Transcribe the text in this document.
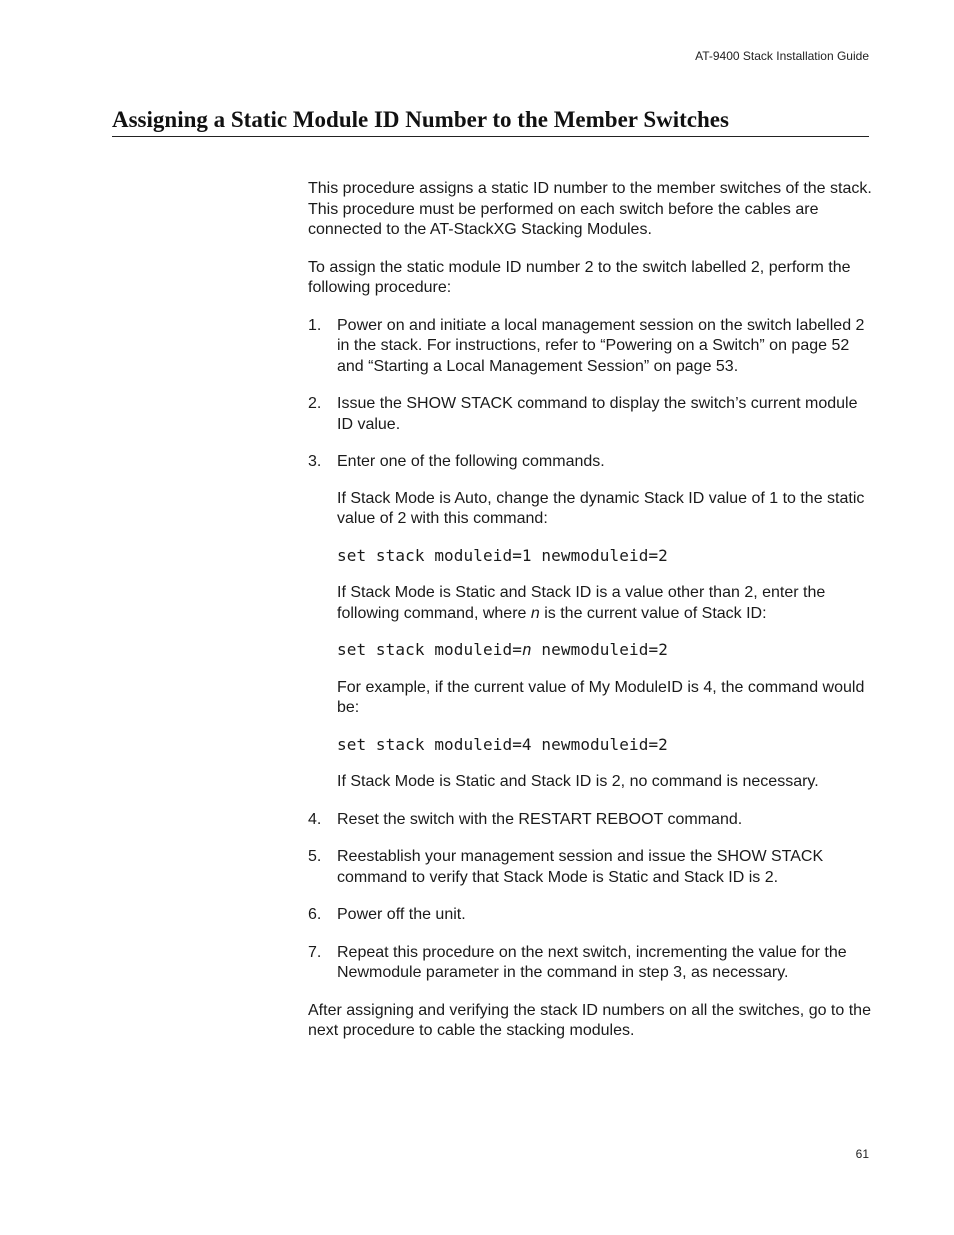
AT-9400 Stack Installation Guide
Assigning a Static Module ID Number to the Member Switches

This procedure assigns a static ID number to the member switches of the stack. This procedure must be performed on each switch before the cables are connected to the AT-StackXG Stacking Modules.

To assign the static module ID number 2 to the switch labelled 2, perform the following procedure:

1. Power on and initiate a local management session on the switch labelled 2 in the stack. For instructions, refer to “Powering on a Switch” on page 52 and “Starting a Local Management Session” on page 53.

2. Issue the SHOW STACK command to display the switch’s current module ID value.

3. Enter one of the following commands.

If Stack Mode is Auto, change the dynamic Stack ID value of 1 to the static value of 2 with this command:

set stack moduleid=1 newmoduleid=2

If Stack Mode is Static and Stack ID is a value other than 2, enter the following command, where n is the current value of Stack ID:

set stack moduleid=n newmoduleid=2

For example, if the current value of My ModuleID is 4, the command would be:

set stack moduleid=4 newmoduleid=2

If Stack Mode is Static and Stack ID is 2, no command is necessary.

4. Reset the switch with the RESTART REBOOT command.

5. Reestablish your management session and issue the SHOW STACK command to verify that Stack Mode is Static and Stack ID is 2.

6. Power off the unit.

7. Repeat this procedure on the next switch, incrementing the value for the Newmodule parameter in the command in step 3, as necessary.

After assigning and verifying the stack ID numbers on all the switches, go to the next procedure to cable the stacking modules.

61
